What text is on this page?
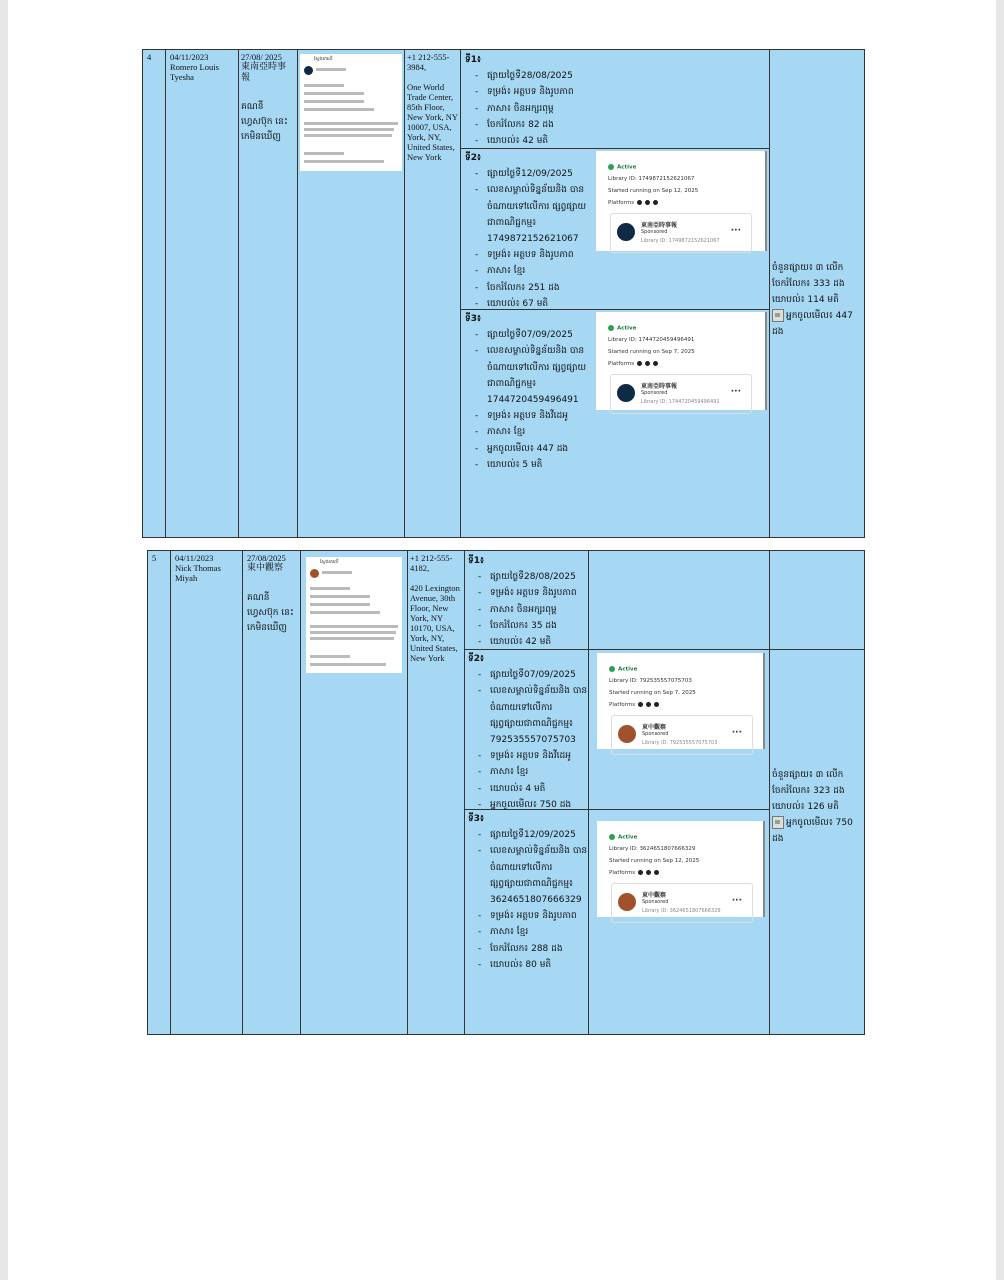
4 04/11/2023
Romero Louis Tyesha
27/08/ 2025
東南亞時事報
គណនី ហ្វេសប៊ុក នេះ កេមិនឃើញ
ស្វែងរកលើ	+1 212-555-3984,
One World Trade Center, 85th Floor, New York, NY 10007, USA, York, NY, United States, New York
ចំនួនផ្សាយ៖ ៣ លើក
ចែករំលែក៖ 333 ដង
យោបល់៖ 114 មតិ
អ្នកចូលមើល៖ 447 ដង
ទី1៖
- ផ្សាយថ្ងៃទី28/08/2025
- ទម្រង់៖ អត្ថបទ និងរូបភាព
- ភាសា៖ ចិនអក្សរពុម្ព
- ចែករំលែក៖ 82 ដង
- យោបល់៖ 42 មតិ
ទី2៖
- ផ្សាយថ្ងៃទី12/09/2025
- លេខសម្គាល់ទិន្នន័យនិង បានចំណាយទៅលើការ ផ្សព្វផ្សាយជាពាណិជ្ជកម្ម៖ 1749872152621067
- ទម្រង់៖ អត្ថបទ និងរូបភាព
- ភាសា៖ ខ្មែរ
- ចែករំលែក៖ 251 ដង
- យោបល់៖ 67 មតិ
ទី3៖
- ផ្សាយថ្ងៃទី07/09/2025
- លេខសម្គាល់ទិន្នន័យនិង បានចំណាយទៅលើការ ផ្សព្វផ្សាយជាពាណិជ្ជកម្ម៖ 1744720459496491
- ទម្រង់៖ អត្ថបទ និងវីដេអូ
- ភាសា៖ ខ្មែរ
- អ្នកចូលមើល៖ 447 ដង
- យោបល់៖ 5 មតិ
Active
Library ID: 1749872152621067
Started running on Sep 12, 2025
Platforms
東南亞時事報
Sponsored
Library ID: 1749872152621067
···
Active
Library ID: 1744720459496491
Started running on Sep 7, 2025
Platforms
東南亞時事報
Sponsored
Library ID: 1744720459496491
···
5 04/11/2023
Nick Thomas Miyah
27/08/2025
東中觀察
គណនី ហ្វេសប៊ុក នេះ កេមិនឃើញ
ស្វែងរកលើ	+1 212-555-4182,
420 Lexington Avenue, 30th Floor, New York, NY 10170, USA, York, NY, United States, New York
ចំនួនផ្សាយ៖ ៣ លើក
ចែករំលែក៖ 323 ដង
យោបល់៖ 126 មតិ
អ្នកចូលមើល៖ 750 ដង
ទី1៖
- ផ្សាយថ្ងៃទី28/08/2025
- ទម្រង់៖ អត្ថបទ និងរូបភាព
- ភាសា៖ ចិនអក្សរពុម្ព
- ចែករំលែក៖ 35 ដង
- យោបល់៖ 42 មតិ
ទី2៖
- ផ្សាយថ្ងៃទី07/09/2025
- លេខសម្គាល់ទិន្នន័យនិង បានចំណាយទៅលើការ ផ្សព្វផ្សាយជាពាណិជ្ជកម្ម៖ 792535557075703
- ទម្រង់៖ អត្ថបទ និងវីដេអូ
- ភាសា៖ ខ្មែរ
- យោបល់៖ 4 មតិ
- អ្នកចូលមើល៖ 750 ដង
ទី3៖
- ផ្សាយថ្ងៃទី12/09/2025
- លេខសម្គាល់ទិន្នន័យនិង បានចំណាយទៅលើការ ផ្សព្វផ្សាយជាពាណិជ្ជកម្ម៖ 3624651807666329
- ទម្រង់៖ អត្ថបទ និងរូបភាព
- ភាសា៖ ខ្មែរ
- ចែករំលែក៖ 288 ដង
- យោបល់៖ 80 មតិ
Active
Library ID: 792535557075703
Started running on Sep 7, 2025
Platforms
東中觀察
Sponsored
Library ID: 792535557075703
···
Active
Library ID: 3624651807666329
Started running on Sep 12, 2025
Platforms
東中觀察
Sponsored
Library ID: 3624651807666329
···
